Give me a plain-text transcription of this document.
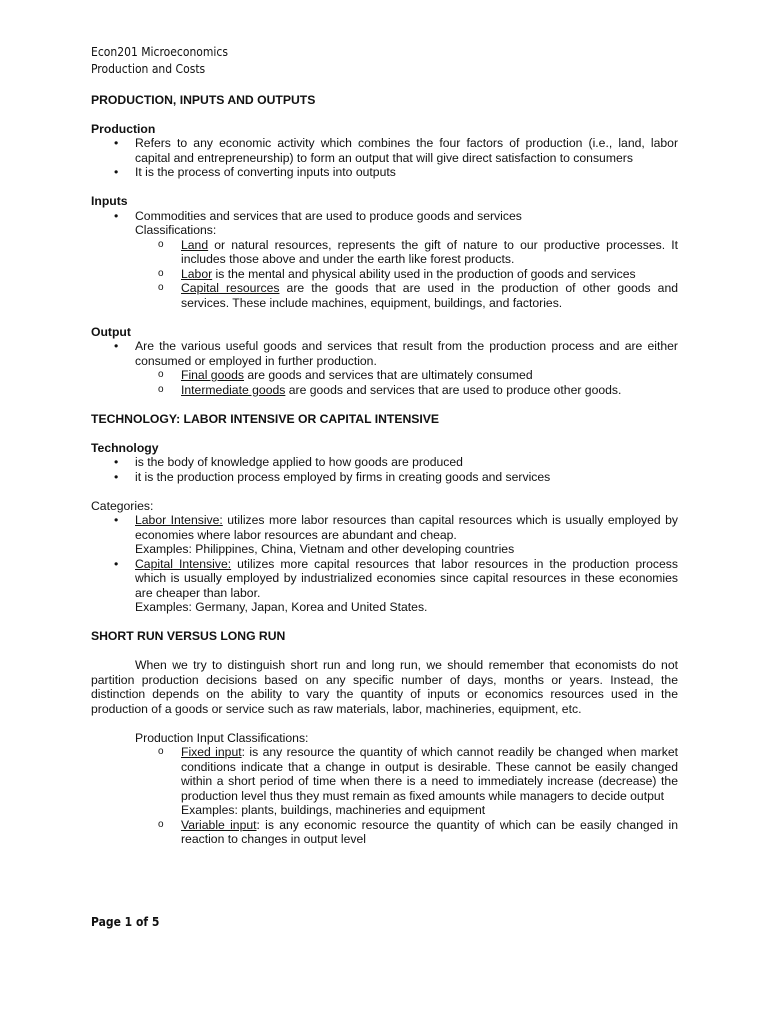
Econ201 Microeconomics
Production and Costs
PRODUCTION, INPUTS AND OUTPUTS
Production
• Refers to any economic activity which combines the four factors of production (i.e., land, labor capital and entrepreneurship) to form an output that will give direct satisfaction to consumers
• It is the process of converting inputs into outputs
Inputs
• Commodities and services that are used to produce goods and services
Classifications:
o Land or natural resources, represents the gift of nature to our productive processes. It includes those above and under the earth like forest products.
o Labor is the mental and physical ability used in the production of goods and services
o Capital resources are the goods that are used in the production of other goods and services. These include machines, equipment, buildings, and factories.
Output
• Are the various useful goods and services that result from the production process and are either consumed or employed in further production.
o Final goods are goods and services that are ultimately consumed
o Intermediate goods are goods and services that are used to produce other goods.
TECHNOLOGY: LABOR INTENSIVE OR CAPITAL INTENSIVE
Technology
• is the body of knowledge applied to how goods are produced
• it is the production process employed by firms in creating goods and services
Categories:
• Labor Intensive: utilizes more labor resources than capital resources which is usually employed by economies where labor resources are abundant and cheap.
Examples: Philippines, China, Vietnam and other developing countries
• Capital Intensive: utilizes more capital resources that labor resources in the production process which is usually employed by industrialized economies since capital resources in these economies are cheaper than labor.
Examples: Germany, Japan, Korea and United States.
SHORT RUN VERSUS LONG RUN
When we try to distinguish short run and long run, we should remember that economists do not partition production decisions based on any specific number of days, months or years. Instead, the distinction depends on the ability to vary the quantity of inputs or economics resources used in the production of a goods or service such as raw materials, labor, machineries, equipment, etc.
Production Input Classifications:
o Fixed input: is any resource the quantity of which cannot readily be changed when market conditions indicate that a change in output is desirable. These cannot be easily changed within a short period of time when there is a need to immediately increase (decrease) the production level thus they must remain as fixed amounts while managers to decide output
Examples: plants, buildings, machineries and equipment
o Variable input: is any economic resource the quantity of which can be easily changed in reaction to changes in output level
Page 1 of 5
